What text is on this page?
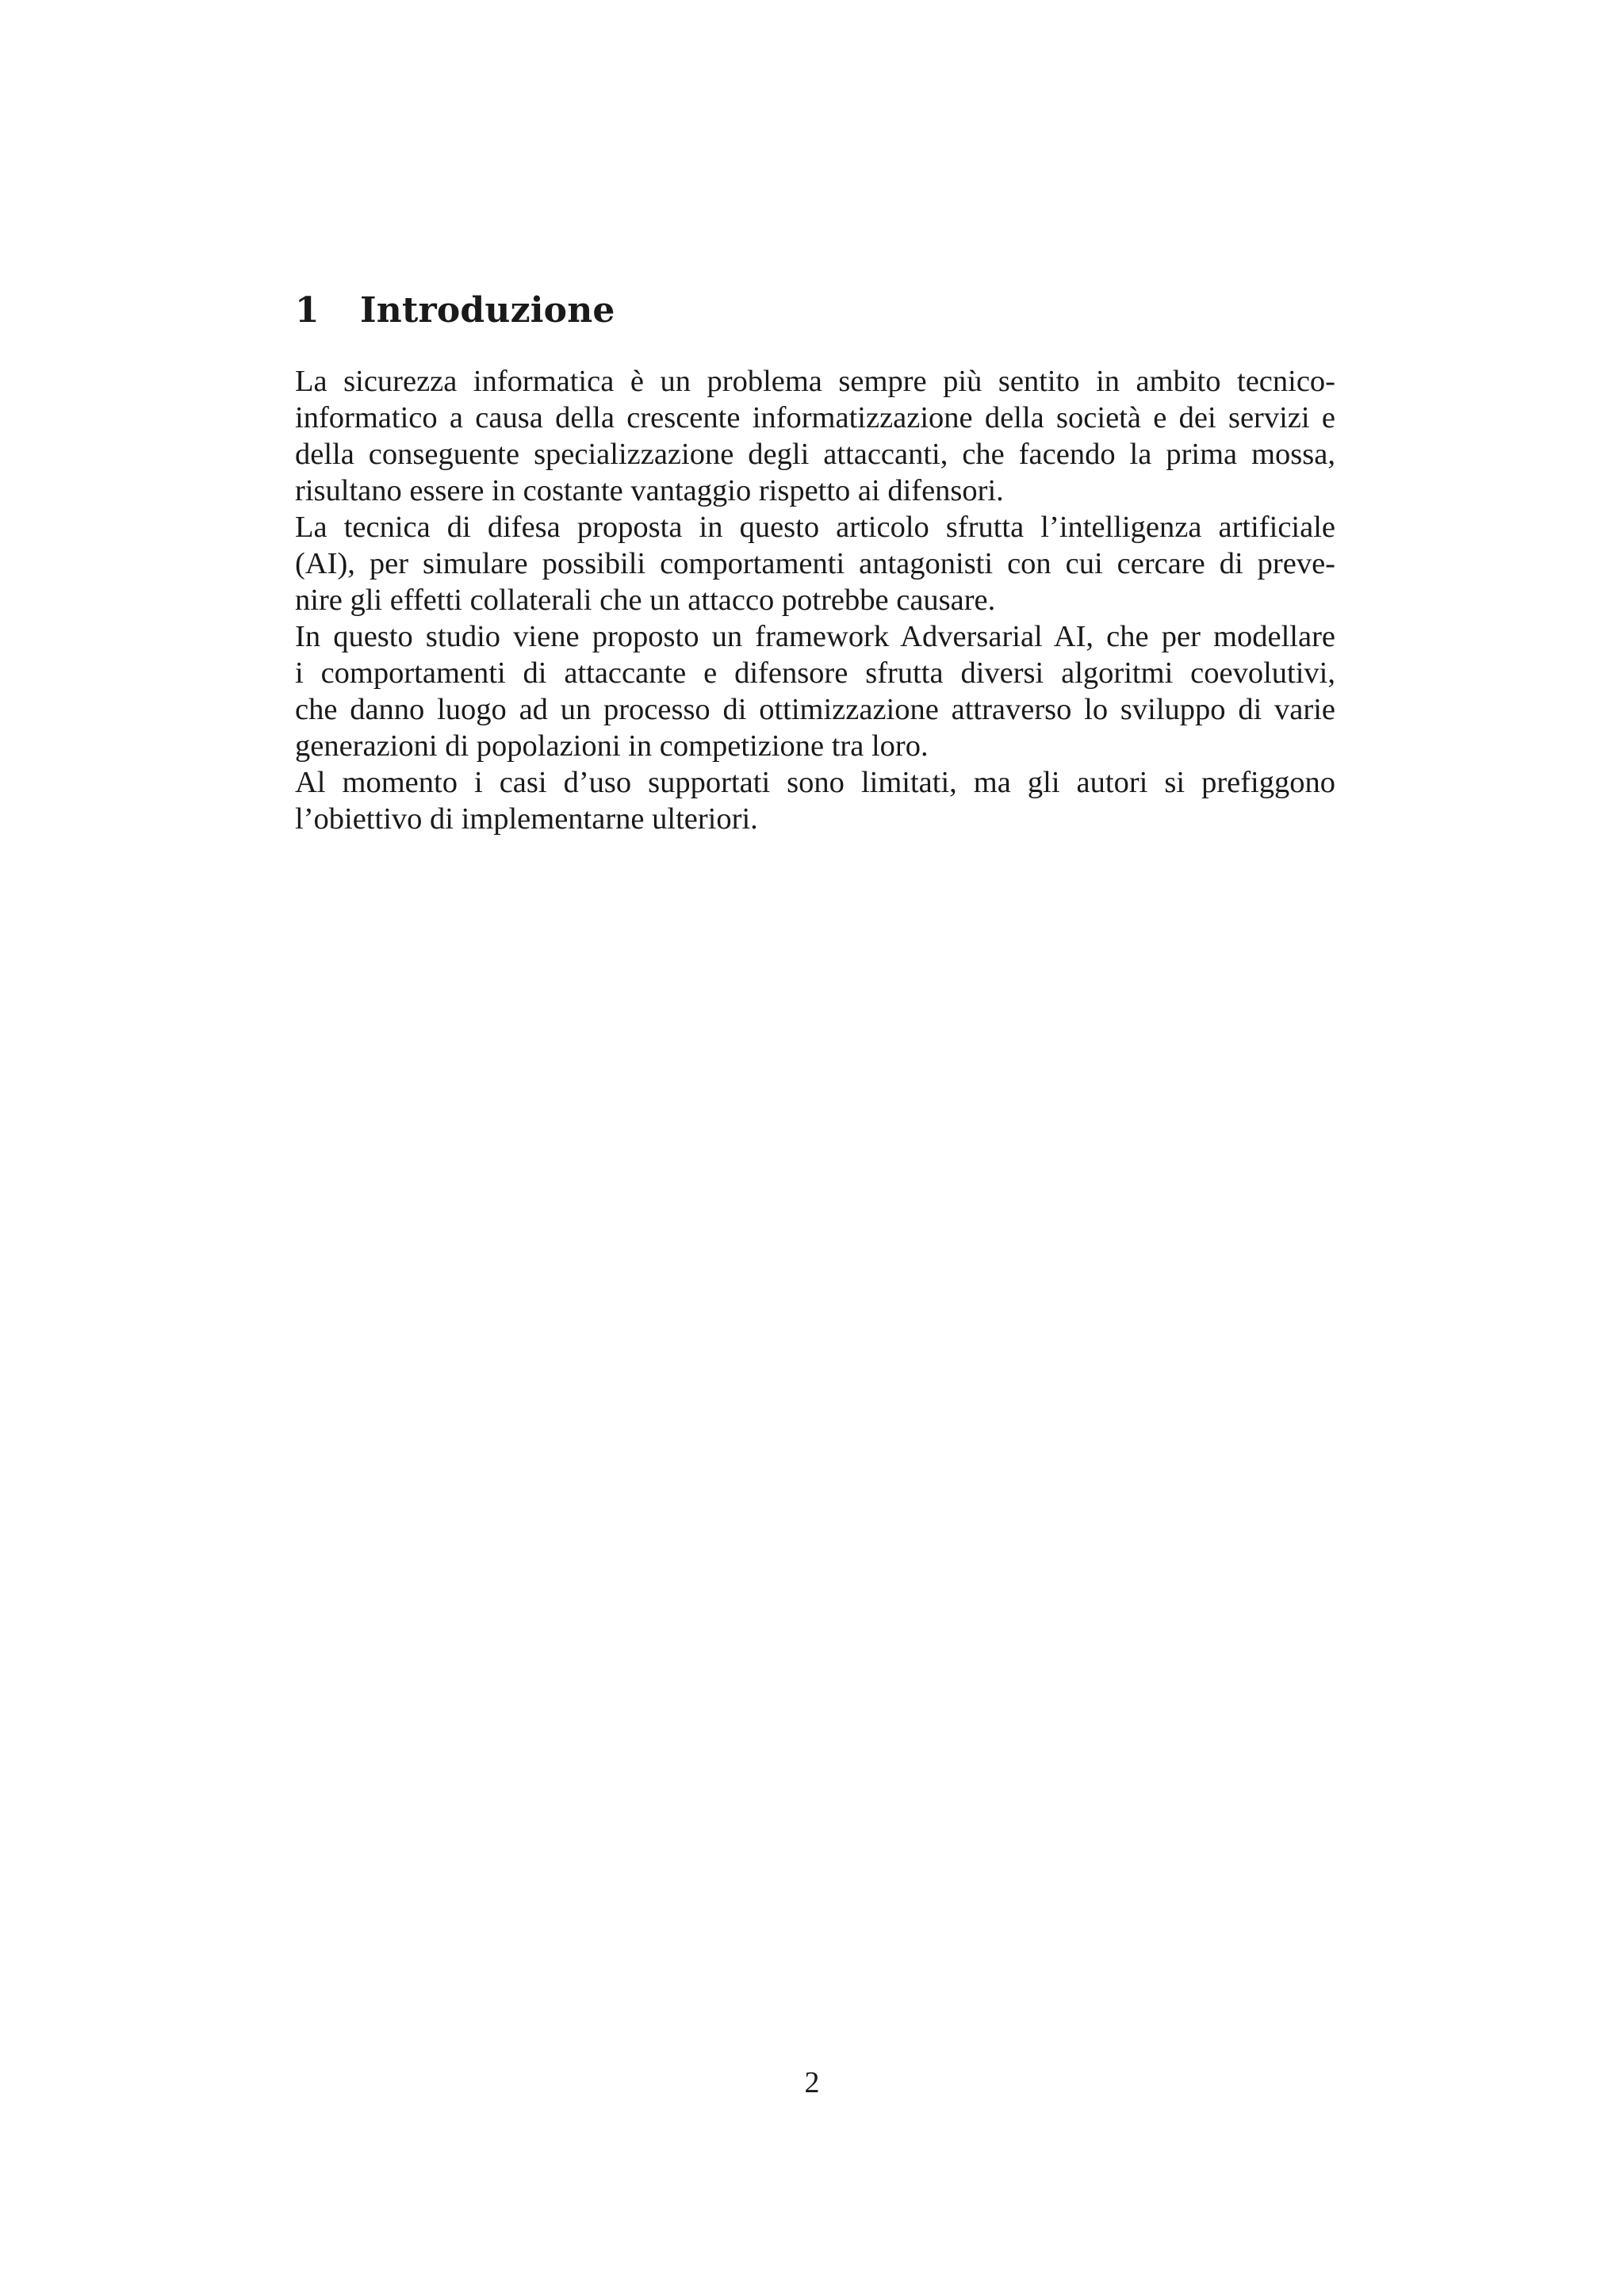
1 Introduzione
La sicurezza informatica è un problema sempre più sentito in ambito tecnico-
informatico a causa della crescente informatizzazione della società e dei servizi e
della conseguente specializzazione degli attaccanti, che facendo la prima mossa,
risultano essere in costante vantaggio rispetto ai difensori.
La tecnica di difesa proposta in questo articolo sfrutta l’intelligenza artificiale
(AI), per simulare possibili comportamenti antagonisti con cui cercare di preve-
nire gli effetti collaterali che un attacco potrebbe causare.
In questo studio viene proposto un framework Adversarial AI, che per modellare
i comportamenti di attaccante e difensore sfrutta diversi algoritmi coevolutivi,
che danno luogo ad un processo di ottimizzazione attraverso lo sviluppo di varie
generazioni di popolazioni in competizione tra loro.
Al momento i casi d’uso supportati sono limitati, ma gli autori si prefiggono
l’obiettivo di implementarne ulteriori.
2
